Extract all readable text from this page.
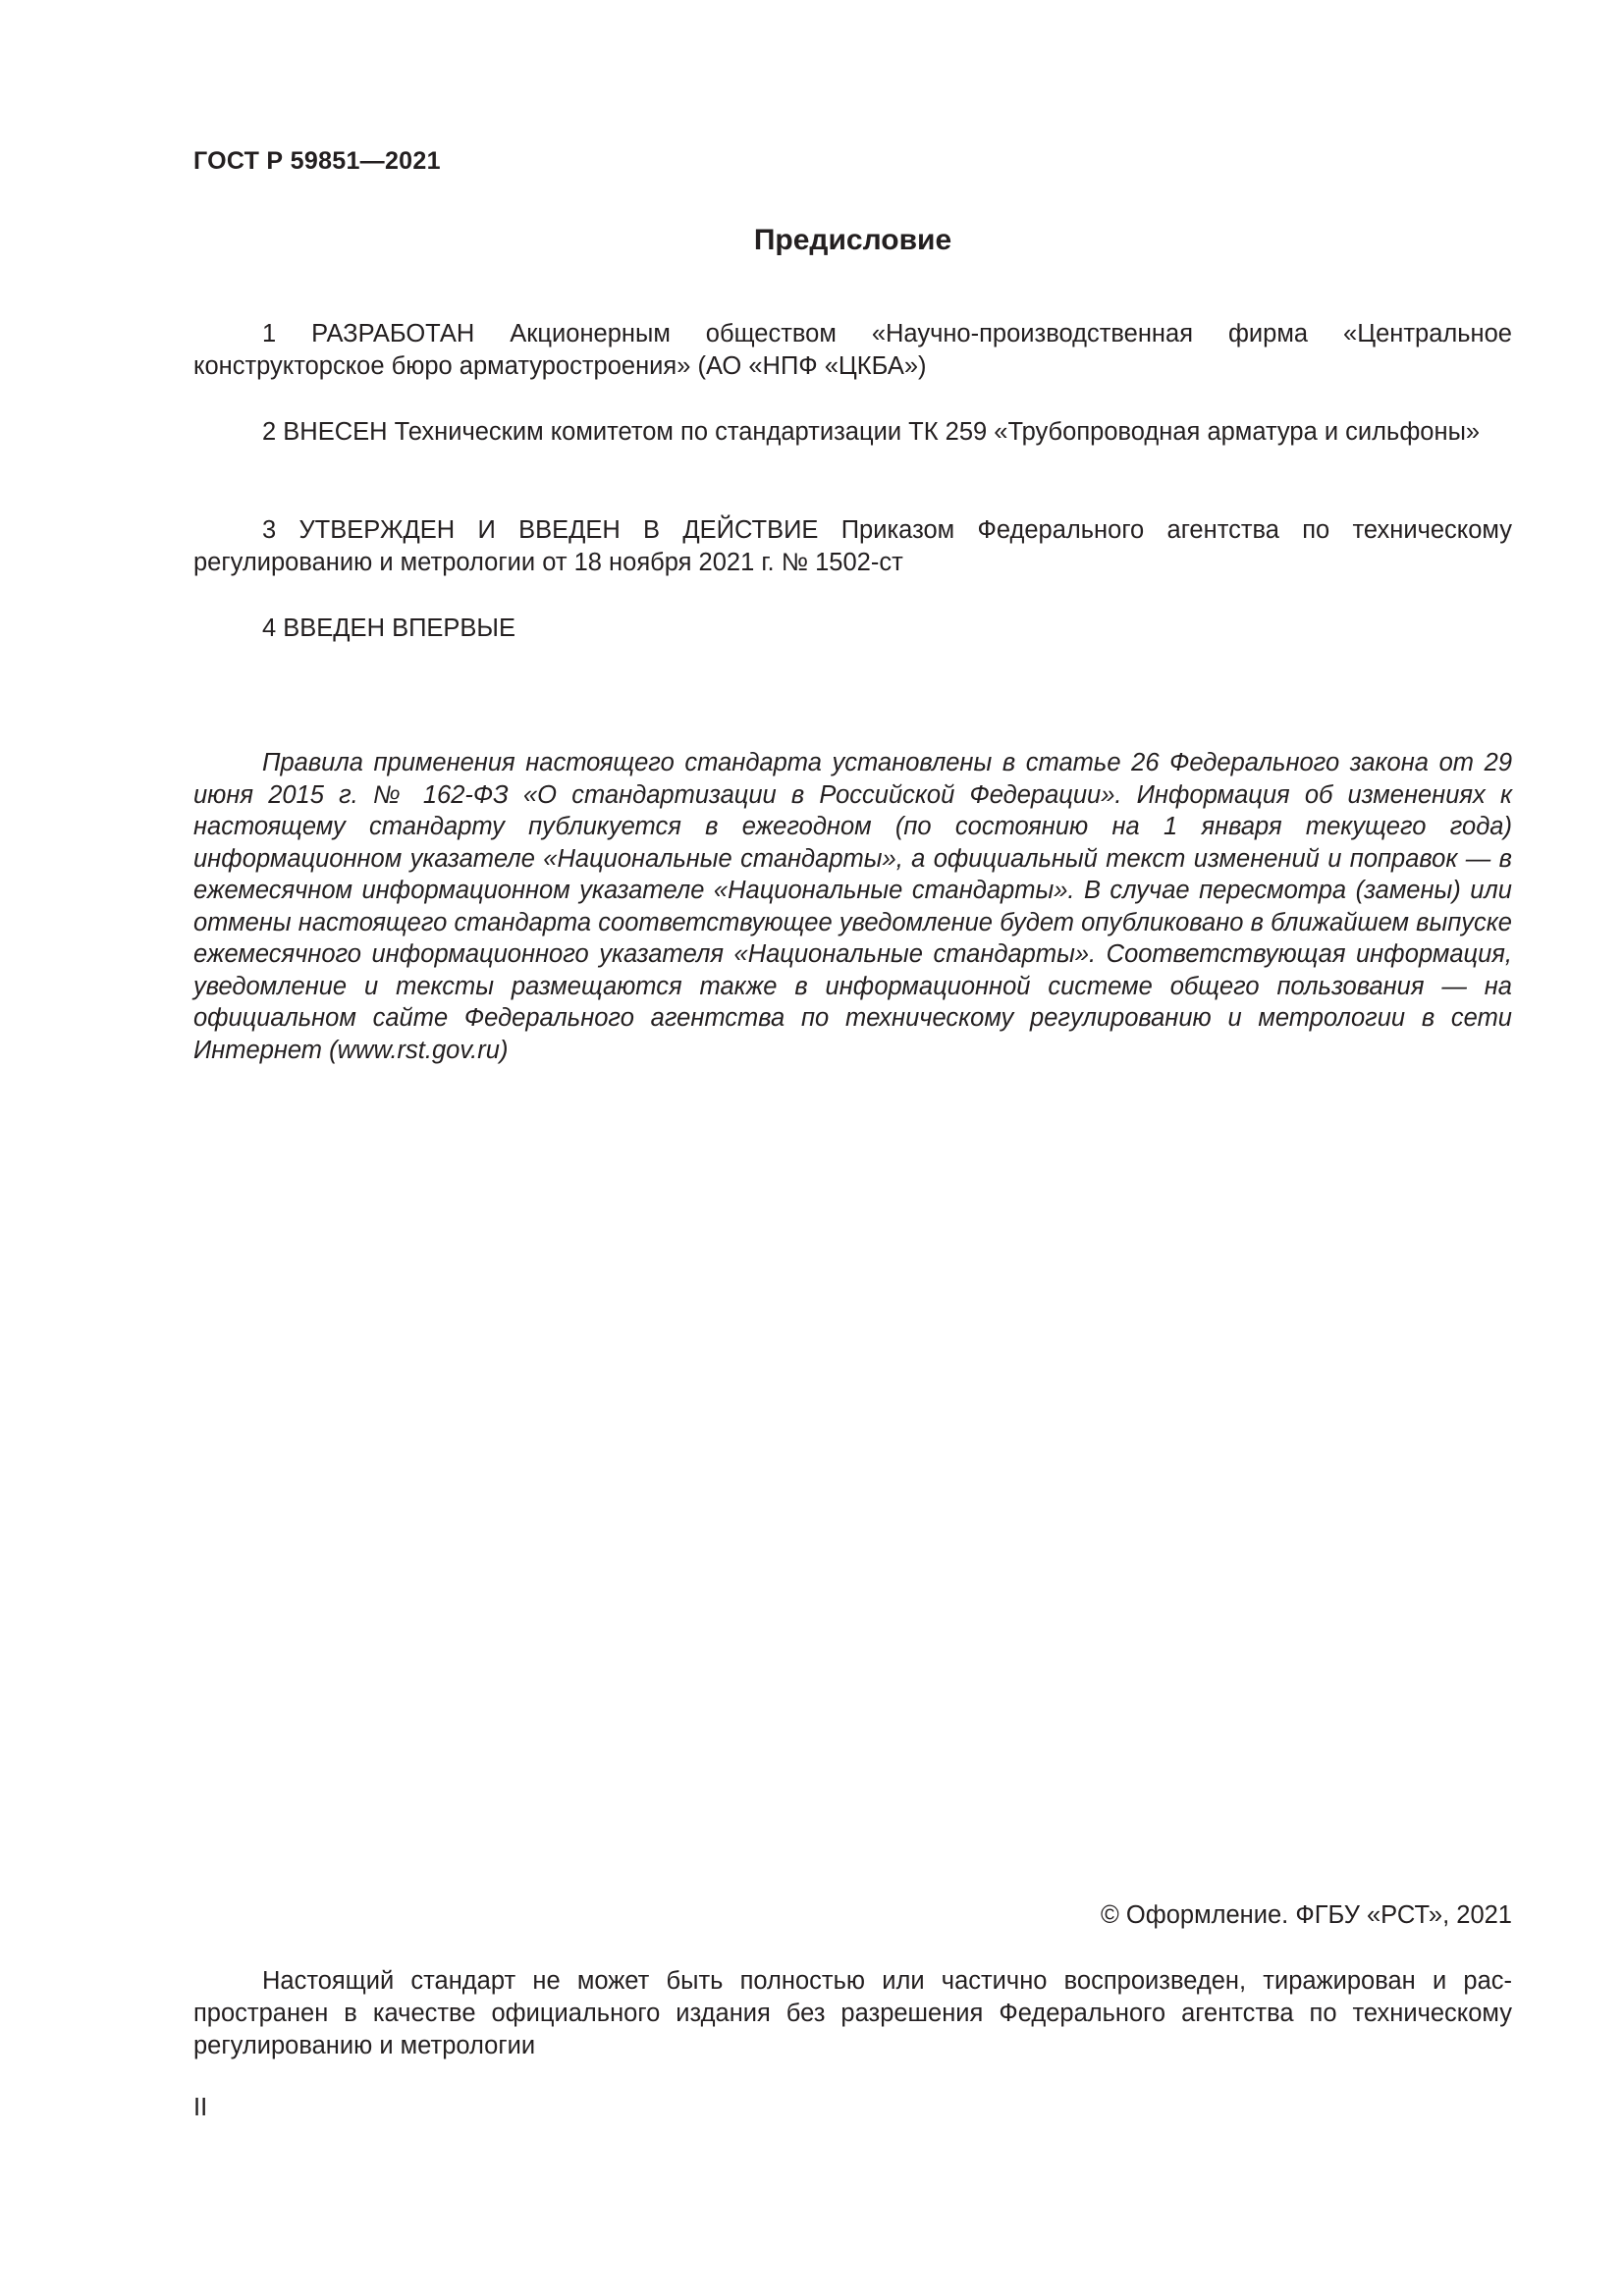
ГОСТ Р 59851—2021
Предисловие

1 РАЗРАБОТАН Акционерным обществом «Научно-производственная фирма «Центральное конструкторское бюро арматуростроения» (АО «НПФ «ЦКБА»)

2 ВНЕСЕН Техническим комитетом по стандартизации ТК 259 «Трубопроводная арматура и сильфоны»

3 УТВЕРЖДЕН И ВВЕДЕН В ДЕЙСТВИЕ Приказом Федерального агентства по техническому регулированию и метрологии от 18 ноября 2021 г. № 1502-ст

4 ВВЕДЕН ВПЕРВЫЕ

Правила применения настоящего стандарта установлены в статье 26 Федерального закона от 29 июня 2015 г. № 162-ФЗ «О стандартизации в Российской Федерации». Информация об изменениях к настоящему стандарту публикуется в ежегодном (по состоянию на 1 января текущего года) информационном указателе «Национальные стандарты», а официальный текст изменений и поправок — в ежемесячном информационном указателе «Национальные стандарты». В случае пересмотра (замены) или отмены настоящего стандарта соответствующее уведомление будет опубликовано в ближайшем выпуске ежемесячного информационного указателя «Национальные стандарты». Соответствующая информация, уведомление и тексты размещаются также в информационной системе общего пользования — на официальном сайте Федерального агентства по техническому регулированию и метрологии в сети Интернет (www.rst.gov.ru)

© Оформление. ФГБУ «РСТ», 2021

Настоящий стандарт не может быть полностью или частично воспроизведен, тиражирован и распространен в качестве официального издания без разрешения Федерального агентства по техническому регулированию и метрологии

II
